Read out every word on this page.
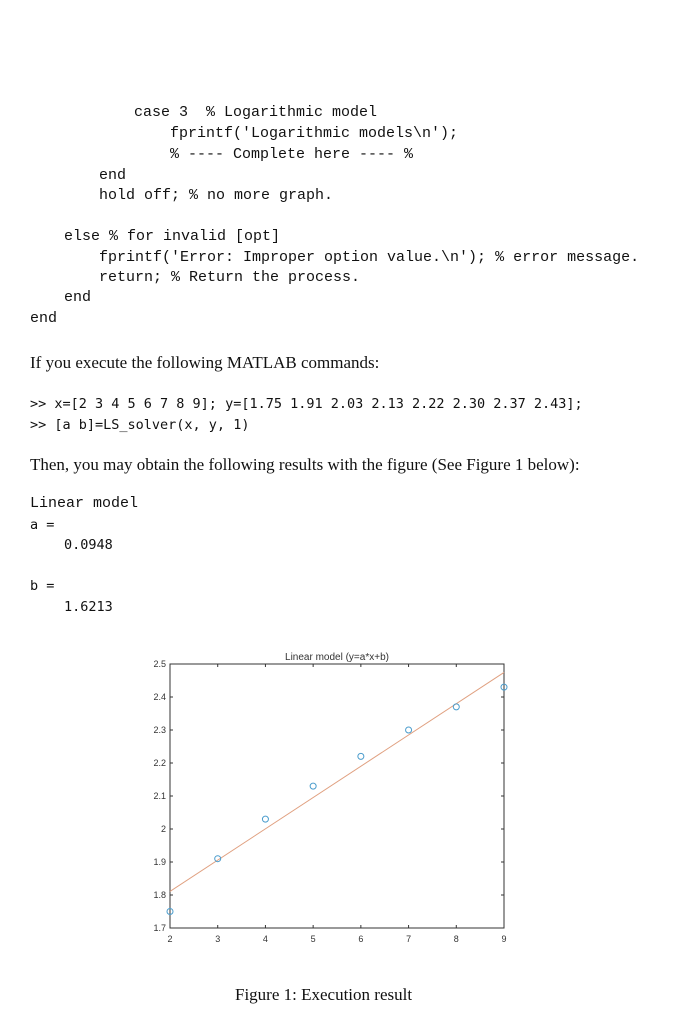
case 3  % Logarithmic model
fprintf('Logarithmic models\n');
% ---- Complete here ---- %
end
hold off; % no more graph.
else % for invalid [opt]
fprintf('Error: Improper option value.\n'); % error message.
return; % Return the process.
end
end
If you execute the following MATLAB commands:
>> x=[2 3 4 5 6 7 8 9]; y=[1.75 1.91 2.03 2.13 2.22 2.30 2.37 2.43];
>> [a b]=LS_solver(x, y, 1)
Then, you may obtain the following results with the figure (See Figure 1 below):
Linear model
a =
0.0948
b =
1.6213
2	3	4	5	6	7	8	9
1.7
1.8
1.9
2
2.1
2.2
2.3
2.4
2.5
Linear model (y=a*x+b)
Figure 1: Execution result
